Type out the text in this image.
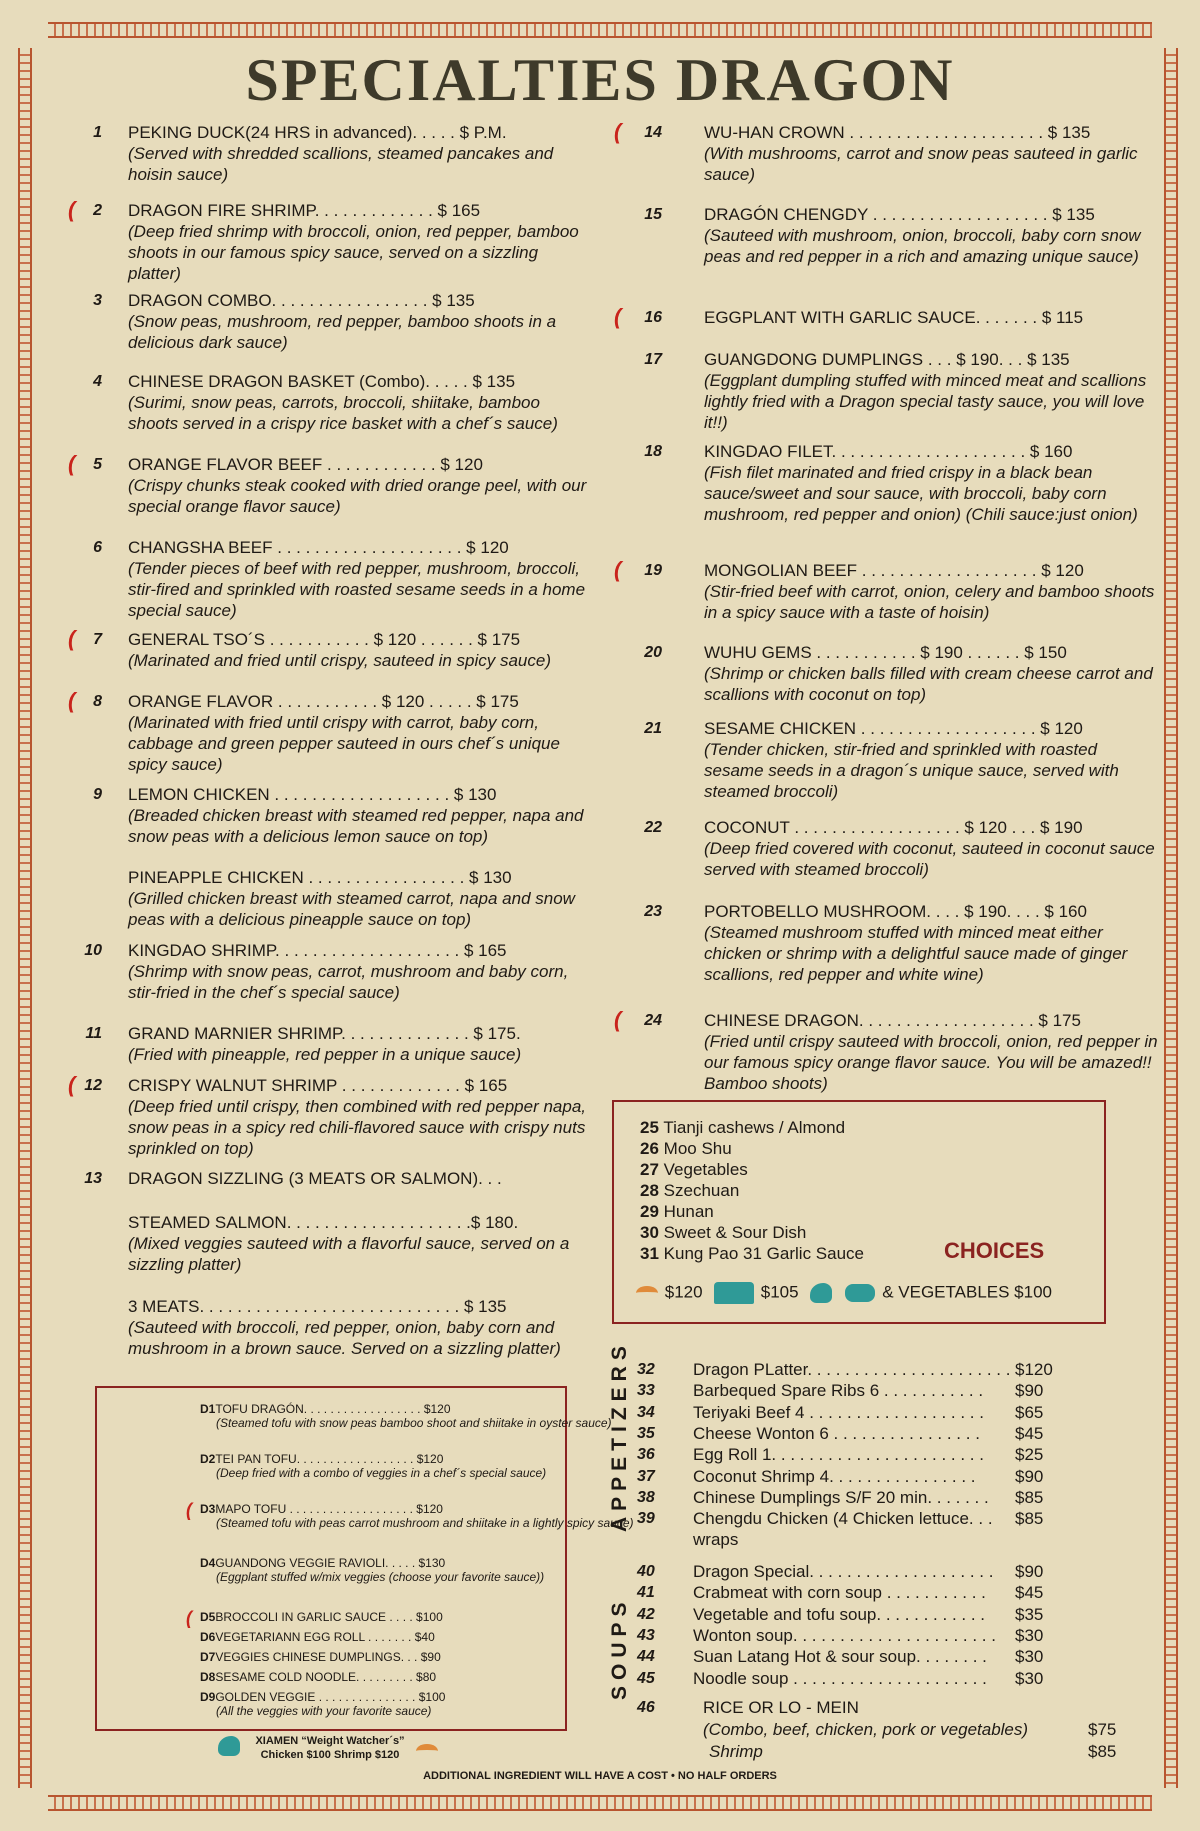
SPECIALTIES DRAGON
PEKING DUCK(24 HRS in advanced). . . . . $ P.M.
(Served with shredded scallions, steamed pancakes and hoisin sauce)
1
DRAGON FIRE SHRIMP. . . . . . . . . . . . . $ 165
(Deep fried shrimp with broccoli, onion, red pepper, bamboo shoots in our famous spicy sauce, served on a sizzling platter)
2
(
DRAGON COMBO. . . . . . . . . . . . . . . . . $ 135
(Snow peas, mushroom, red pepper, bamboo shoots in a delicious dark sauce)
3
CHINESE DRAGON BASKET (Combo). . . . . $ 135
(Surimi, snow peas, carrots, broccoli, shiitake, bamboo shoots served in a crispy rice basket with a chef´s sauce)
4
ORANGE FLAVOR BEEF . . . . . . . . . . . . $ 120
(Crispy chunks steak cooked with dried orange peel, with our special orange flavor sauce)
5
(
CHANGSHA BEEF . . . . . . . . . . . . . . . . . . . . $ 120
(Tender pieces of beef with red pepper, mushroom, broccoli, stir-fired and sprinkled with roasted sesame seeds in a home special sauce)
6
GENERAL TSO´S . . . . . . . . . . . $ 120 . . . . . . $ 175
(Marinated and fried until crispy, sauteed in spicy sauce)
7
(
ORANGE FLAVOR . . . . . . . . . . . $ 120 . . . . . $ 175
(Marinated with fried until crispy with carrot, baby corn, cabbage and green pepper sauteed in ours chef´s unique spicy sauce)
8
(
LEMON CHICKEN . . . . . . . . . . . . . . . . . . . $ 130
(Breaded chicken breast with steamed red pepper, napa and snow peas with a delicious lemon sauce on top)
9
PINEAPPLE CHICKEN . . . . . . . . . . . . . . . . . $ 130
(Grilled chicken breast with steamed carrot, napa and snow peas with a delicious pineapple sauce on top)
KINGDAO SHRIMP. . . . . . . . . . . . . . . . . . . . $ 165
(Shrimp with snow peas, carrot, mushroom and baby corn, stir-fried in the chef´s special sauce)
10
GRAND MARNIER SHRIMP. . . . . . . . . . . . . . $ 175.
(Fried with pineapple, red pepper in a unique sauce)
11
CRISPY WALNUT SHRIMP . . . . . . . . . . . . . $ 165
(Deep fried until crispy, then combined with red pepper napa, snow peas in a spicy red chili-flavored sauce with crispy nuts sprinkled on top)
12
(
DRAGON SIZZLING (3 MEATS OR SALMON). . .
13
STEAMED SALMON. . . . . . . . . . . . . . . . . . . .$ 180.
(Mixed veggies sauteed with a flavorful sauce, served on a sizzling platter)
3 MEATS. . . . . . . . . . . . . . . . . . . . . . . . . . . . $ 135
(Sauteed with broccoli, red pepper, onion, baby corn and mushroom in a brown sauce. Served on a sizzling platter)
WU-HAN CROWN . . . . . . . . . . . . . . . . . . . . . $ 135
(With mushrooms, carrot and snow peas sauteed in garlic sauce)
14
(
DRAGÓN CHENGDY . . . . . . . . . . . . . . . . . . . $ 135
(Sauteed with mushroom, onion, broccoli, baby corn snow peas and red pepper in a rich and amazing unique sauce)
15
EGGPLANT WITH GARLIC SAUCE. . . . . . . $ 115
16
(
GUANGDONG DUMPLINGS . . . $ 190. . . $ 135
(Eggplant dumpling stuffed with minced meat and scallions lightly fried with a Dragon special tasty sauce, you will love it!!)
17
KINGDAO FILET. . . . . . . . . . . . . . . . . . . . . $ 160
(Fish filet marinated and fried crispy in a black bean sauce/sweet and sour sauce, with broccoli, baby corn mushroom, red pepper and onion) (Chili sauce:just onion)
18
MONGOLIAN BEEF . . . . . . . . . . . . . . . . . . . $ 120
(Stir-fried beef with carrot, onion, celery and bamboo shoots in a spicy sauce with a taste of hoisin)
19
(
WUHU GEMS . . . . . . . . . . . $ 190 . . . . . . $ 150
(Shrimp or chicken balls filled with cream cheese carrot and scallions with coconut on top)
20
SESAME CHICKEN . . . . . . . . . . . . . . . . . . . $ 120
(Tender chicken, stir-fried and sprinkled with roasted sesame seeds in a dragon´s unique sauce, served with steamed broccoli)
21
COCONUT . . . . . . . . . . . . . . . . . . $ 120 . . . $ 190
(Deep fried covered with coconut, sauteed in coconut sauce served with steamed broccoli)
22
PORTOBELLO MUSHROOM. . . . $ 190. . . . $ 160
(Steamed mushroom stuffed with minced meat either chicken or shrimp with a delightful sauce made of ginger scallions, red pepper and white wine)
23
CHINESE DRAGON. . . . . . . . . . . . . . . . . . . $ 175
(Fried until crispy sauteed with broccoli, onion, red pepper in our famous spicy orange flavor sauce. You will be amazed!! Bamboo shoots)
24
(
25 Tianji cashews / Almond
26 Moo Shu
27 Vegetables
28 Szechuan
29 Hunan
30 Sweet & Sour Dish
31 Kung Pao 31 Garlic Sauce	CHOICES
$120	$105	& VEGETABLES $100
APPETIZERS
SOUPS
32	Dragon PLatter. . . . . . . . . . . . . . . . . . . . . . $120
33	Barbequed Spare Ribs 6 . . . . . . . . . . . $90
34	Teriyaki Beef 4 . . . . . . . . . . . . . . . . . . . $65
35	Cheese Wonton 6 . . . . . . . . . . . . . . . . $45
36	Egg Roll 1. . . . . . . . . . . . . . . . . . . . . . . $25
37	Coconut Shrimp 4. . . . . . . . . . . . . . . . $90
38	Chinese Dumplings S/F 20 min. . . . . . . $85
39	Chengdu Chicken (4 Chicken lettuce. . . $85
wraps
40	Dragon Special. . . . . . . . . . . . . . . . . . . . $90
41	Crabmeat with corn soup . . . . . . . . . . . $45
42	Vegetable and tofu soup. . . . . . . . . . . . $35
43	Wonton soup. . . . . . . . . . . . . . . . . . . . . . $30
44	Suan Latang Hot & sour soup. . . . . . . . $30
45	Noodle soup . . . . . . . . . . . . . . . . . . . . . $30
46	RICE OR LO - MEIN
(Combo, beef, chicken, pork or vegetables)	$75
Shrimp	$85
D1TOFU DRAGÓN. . . . . . . . . . . . . . . . . . $120
(Steamed tofu with snow peas bamboo shoot and shiitake in oyster sauce)
D2TEI PAN TOFU. . . . . . . . . . . . . . . . . . $120
(Deep fried with a combo of veggies in a chef´s special sauce)
D3MAPO TOFU . . . . . . . . . . . . . . . . . . . $120
(Steamed tofu with peas carrot mushroom and shiitake in a lightly spicy sauce)
(
D4GUANDONG VEGGIE RAVIOLI. . . . . $130
(Eggplant stuffed w/mix veggies (choose your favorite sauce))
D5BROCCOLI IN GARLIC SAUCE . . . . $100
(
D6VEGETARIANN EGG ROLL . . . . . . . $40
D7VEGGIES CHINESE DUMPLINGS. . . $90
D8SESAME COLD NOODLE. . . . . . . . . $80
D9GOLDEN VEGGIE . . . . . . . . . . . . . . . $100
(All the veggies with your favorite sauce)
XIAMEN “Weight Watcher´s”
Chicken $100 Shrimp $120
ADDITIONAL INGREDIENT WILL HAVE A COST • NO HALF ORDERS
